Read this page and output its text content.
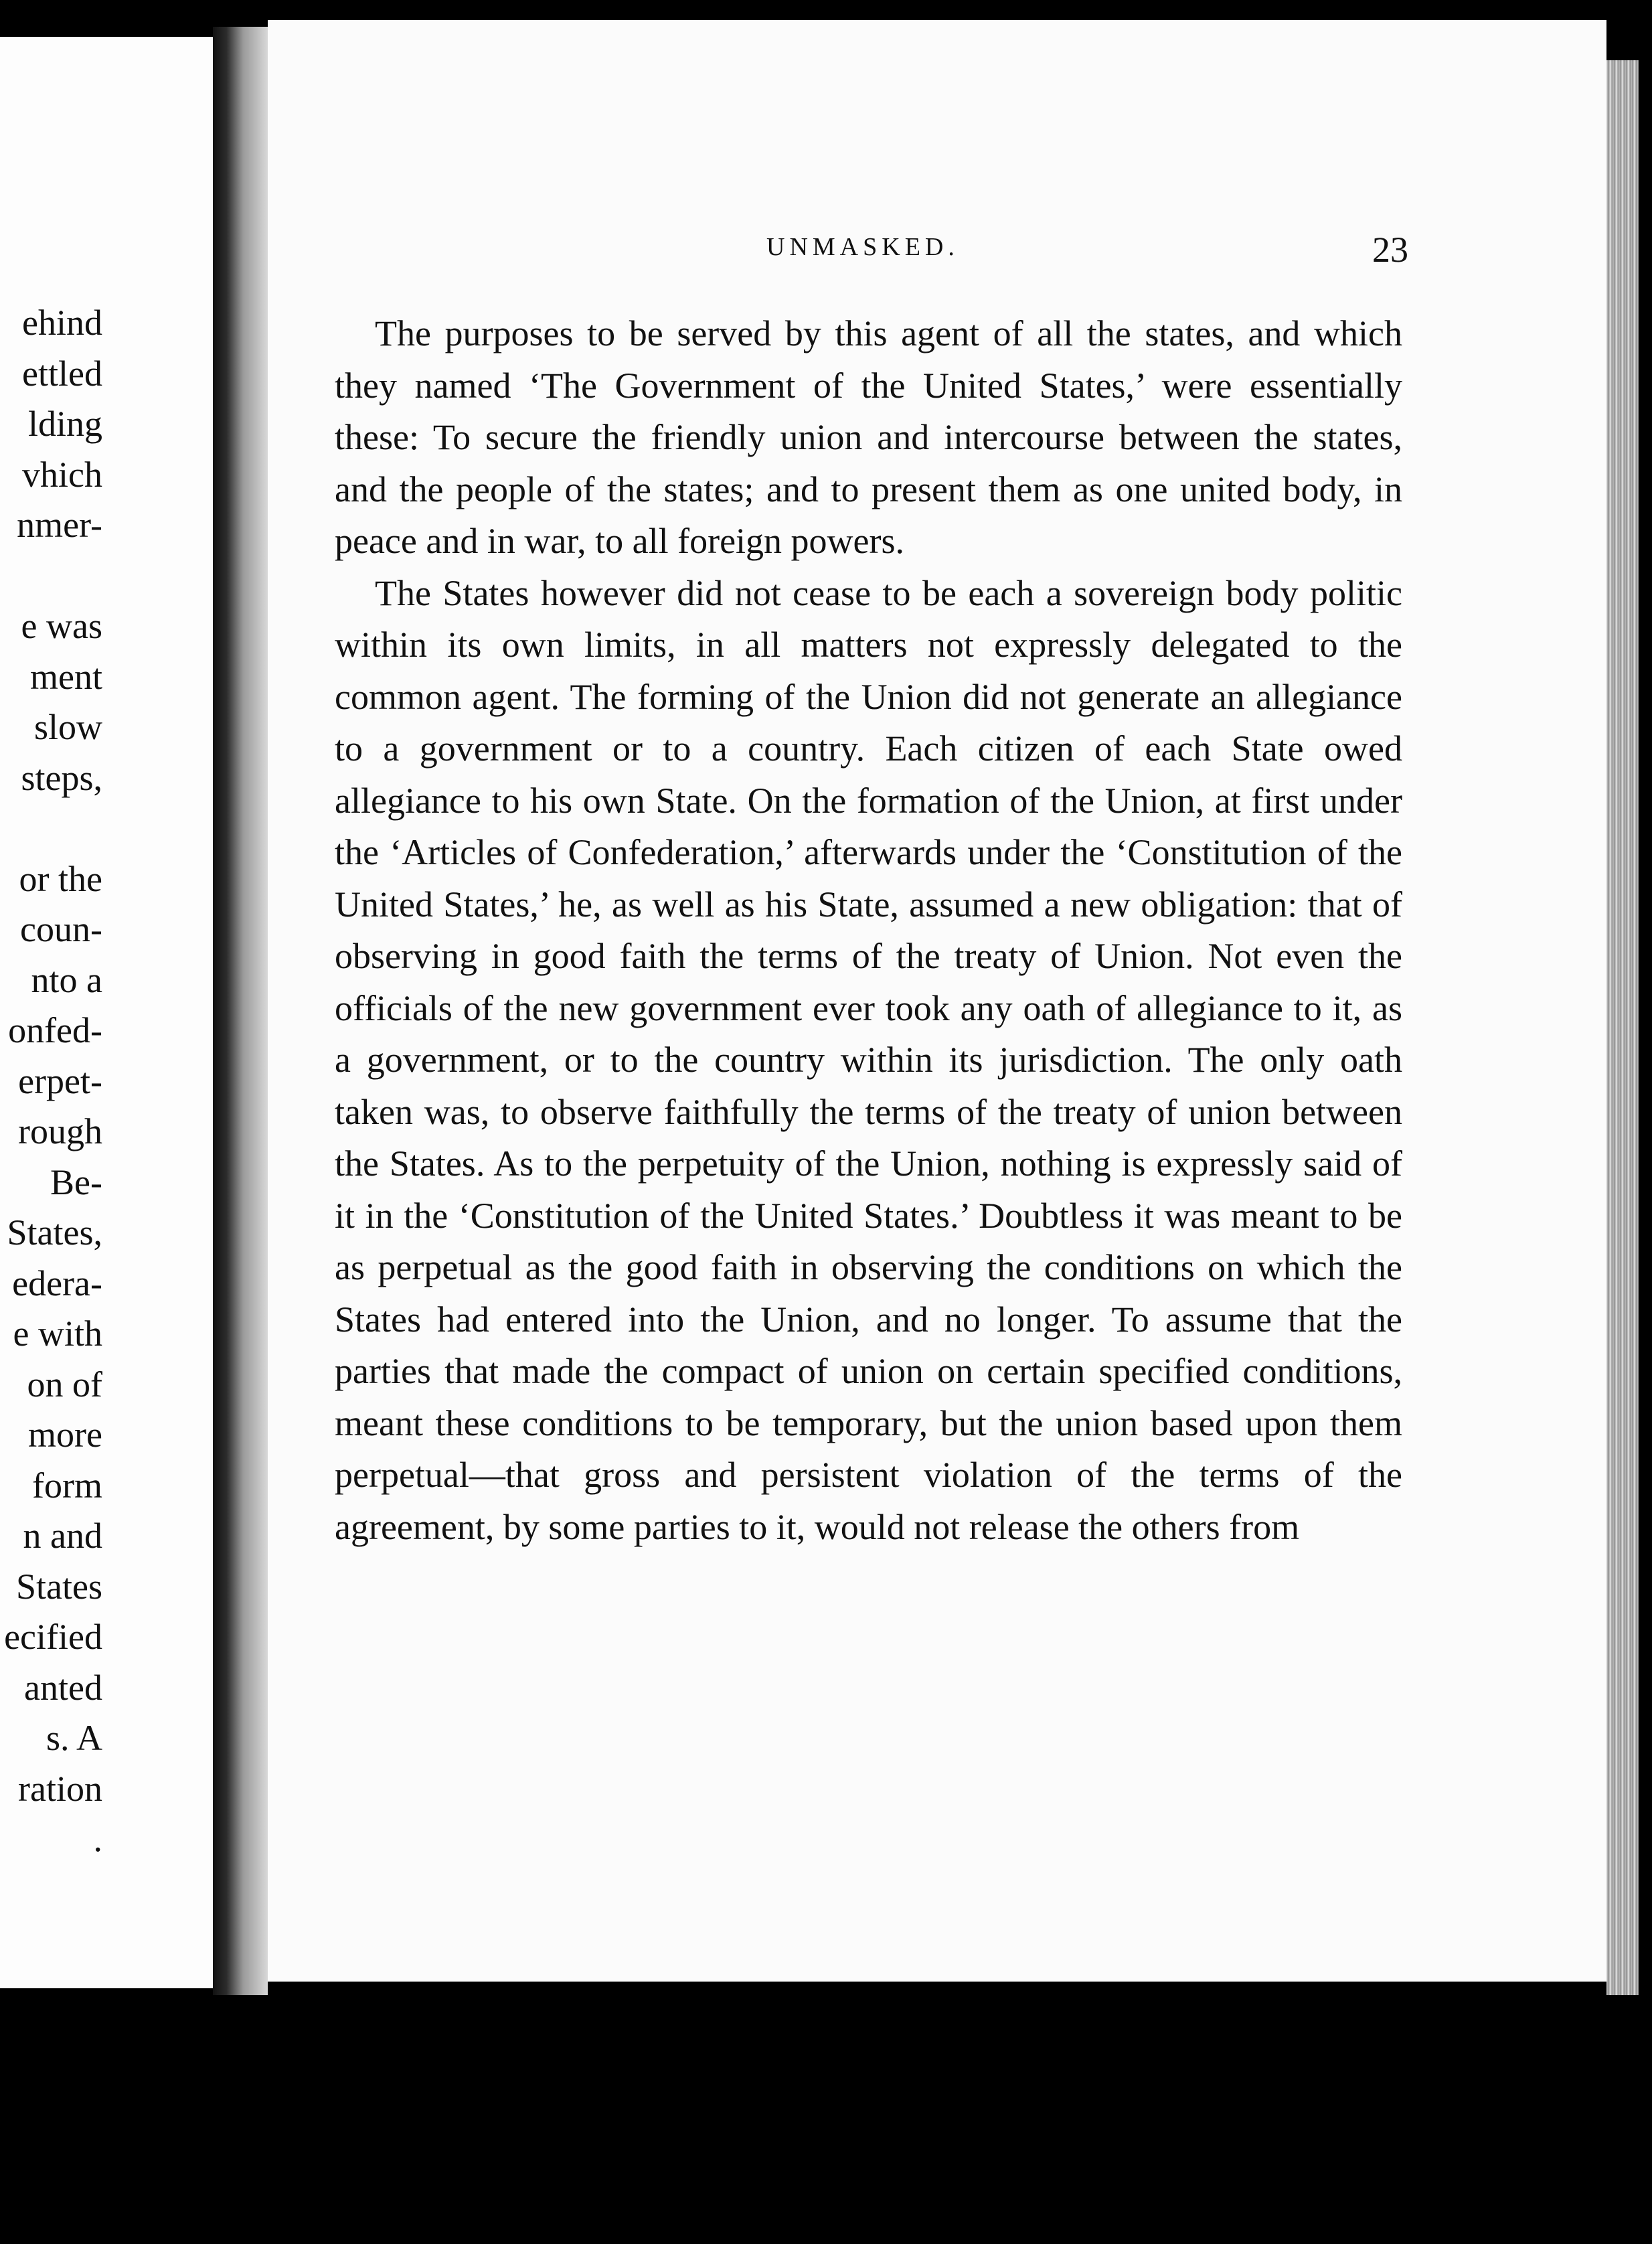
ehind
ettled
lding
vhich
nmer-
e was
ment
slow
steps,
or the
coun-
nto a
onfed-
erpet-
rough
Be-
States,
edera-
e with
on of
more
form
n and
States
ecified
anted
s. A
ration
.
UNMASKED.	23

The purposes to be served by this agent of all the states, and which they named ‘The Government of the United States,’ were essentially these: To secure the friendly union and intercourse between the states, and the people of the states; and to present them as one united body, in peace and in war, to all foreign powers.

The States however did not cease to be each a sovereign body politic within its own limits, in all matters not expressly delegated to the common agent. The forming of the Union did not generate an allegiance to a government or to a country. Each citizen of each State owed allegiance to his own State. On the formation of the Union, at first under the ‘Articles of Confederation,’ afterwards under the ‘Constitution of the United States,’ he, as well as his State, assumed a new obligation: that of observing in good faith the terms of the treaty of Union. Not even the officials of the new government ever took any oath of allegiance to it, as a government, or to the country within its jurisdiction. The only oath taken was, to observe faithfully the terms of the treaty of union between the States. As to the perpetuity of the Union, nothing is expressly said of it in the ‘Constitution of the United States.’ Doubtless it was meant to be as perpetual as the good faith in observing the conditions on which the States had entered into the Union, and no longer. To assume that the parties that made the compact of union on certain specified conditions, meant these conditions to be temporary, but the union based upon them perpetual—that gross and persistent violation of the terms of the agreement, by some parties to it, would not release the others from
